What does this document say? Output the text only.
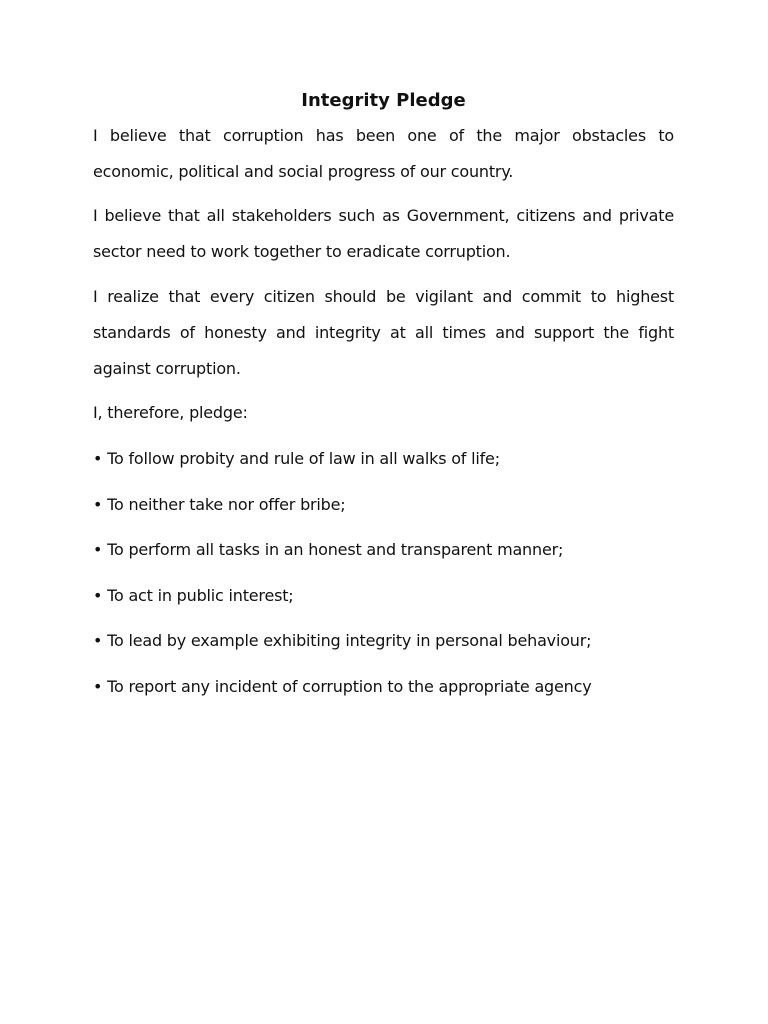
Integrity Pledge

I believe that corruption has been one of the major obstacles to economic, political and social progress of our country.

I believe that all stakeholders such as Government, citizens and private sector need to work together to eradicate corruption.

I realize that every citizen should be vigilant and commit to highest standards of honesty and integrity at all times and support the fight against corruption.

I, therefore, pledge:

• To follow probity and rule of law in all walks of life;
• To neither take nor offer bribe;
• To perform all tasks in an honest and transparent manner;
• To act in public interest;
• To lead by example exhibiting integrity in personal behaviour;
• To report any incident of corruption to the appropriate agency
